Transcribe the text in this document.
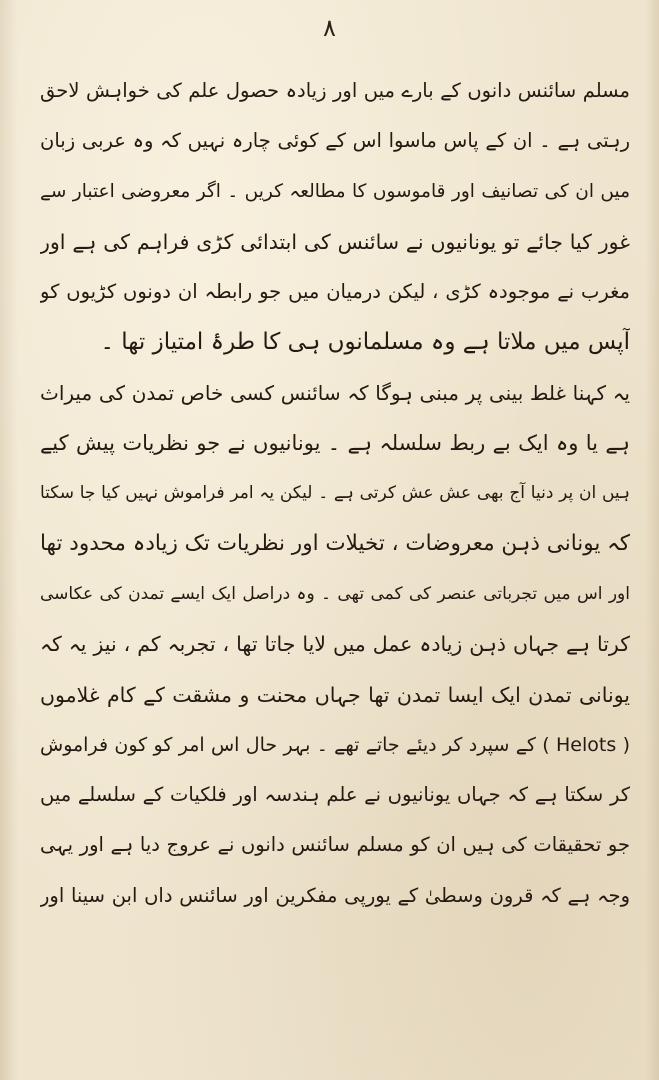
۸
مسلم سائنس دانوں کے بارے میں اور زیادہ حصول علم کی خواہش لاحق
رہتی ہے ۔ ان کے پاس ماسوا اس کے کوئی چارہ نہیں کہ وہ عربی زبان
میں ان کی تصانیف اور قاموسوں کا مطالعہ کریں ۔ اگر معروضی اعتبار سے
غور کیا جائے تو یونانیوں نے سائنس کی ابتدائی کڑی فراہم کی ہے اور
مغرب نے موجودہ کڑی ، لیکن درمیان میں جو رابطہ ان دونوں کڑیوں کو
آپس میں ملاتا ہے وہ مسلمانوں ہی کا طرۂ امتیاز تھا ۔
یہ کہنا غلط بینی پر مبنی ہوگا کہ سائنس کسی خاص تمدن کی میراث
ہے یا وہ ایک بے ربط سلسلہ ہے ۔ یونانیوں نے جو نظریات پیش کیے
ہیں ان پر دنیا آج بھی عش عش کرتی ہے ۔ لیکن یہ امر فراموش نہیں کیا جا سکتا
کہ یونانی ذہن معروضات ، تخیلات اور نظریات تک زیادہ محدود تھا
اور اس میں تجرباتی عنصر کی کمی تھی ۔ وہ دراصل ایک ایسے تمدن کی عکاسی
کرتا ہے جہاں ذہن زیادہ عمل میں لایا جاتا تھا ، تجربہ کم ، نیز یہ کہ
یونانی تمدن ایک ایسا تمدن تھا جہاں محنت و مشقت کے کام غلاموں
( Helots ) کے سپرد کر دیئے جاتے تھے ۔ بہر حال اس امر کو کون فراموش
کر سکتا ہے کہ جہاں یونانیوں نے علم ہندسہ اور فلکیات کے سلسلے میں
جو تحقیقات کی ہیں ان کو مسلم سائنس دانوں نے عروج دیا ہے اور یہی
وجہ ہے کہ قرون وسطیٰ کے یورپی مفکرین اور سائنس داں ابن سینا اور
